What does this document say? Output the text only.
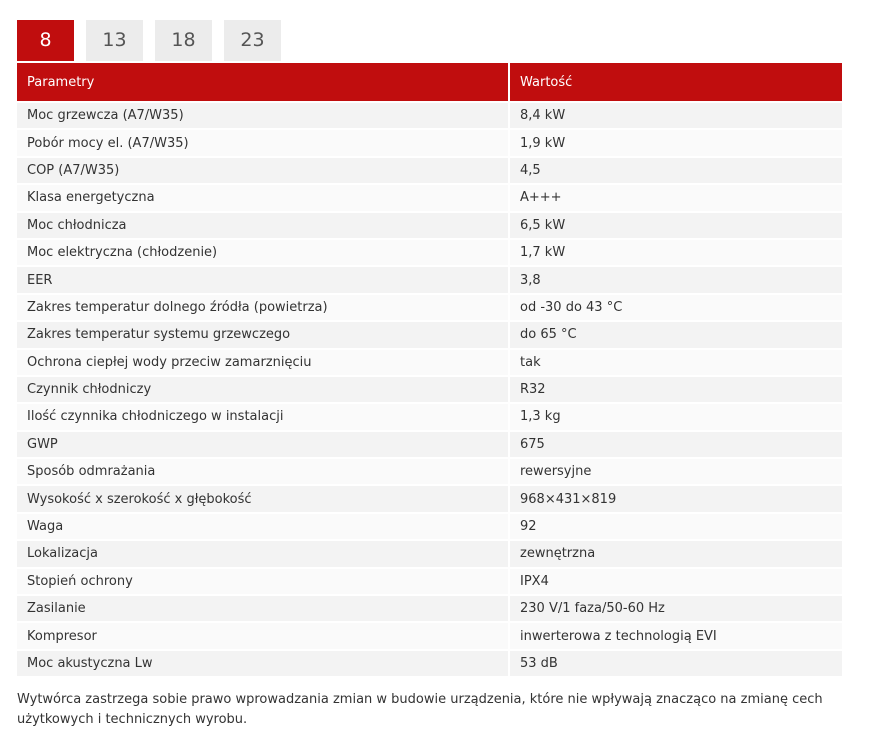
8	13	18	23
Parametry	Wartość
Moc grzewcza (A7/W35)	8,4 kW
Pobór mocy el. (A7/W35)	1,9 kW
COP (A7/W35)	4,5
Klasa energetyczna	A+++
Moc chłodnicza	6,5 kW
Moc elektryczna (chłodzenie)	1,7 kW
EER	3,8
Zakres temperatur dolnego źródła (powietrza)	od -30 do 43 °C
Zakres temperatur systemu grzewczego	do 65 °C
Ochrona ciepłej wody przeciw zamarznięciu	tak
Czynnik chłodniczy	R32
Ilość czynnika chłodniczego w instalacji	1,3 kg
GWP	675
Sposób odmrażania	rewersyjne
Wysokość x szerokość x głębokość	968×431×819
Waga	92
Lokalizacja	zewnętrzna
Stopień ochrony	IPX4
Zasilanie	230 V/1 faza/50-60 Hz
Kompresor	inwerterowa z technologią EVI
Moc akustyczna Lw	53 dB

Wytwórca zastrzega sobie prawo wprowadzania zmian w budowie urządzenia, które nie wpływają znacząco na zmianę cech użytkowych i technicznych wyrobu.
